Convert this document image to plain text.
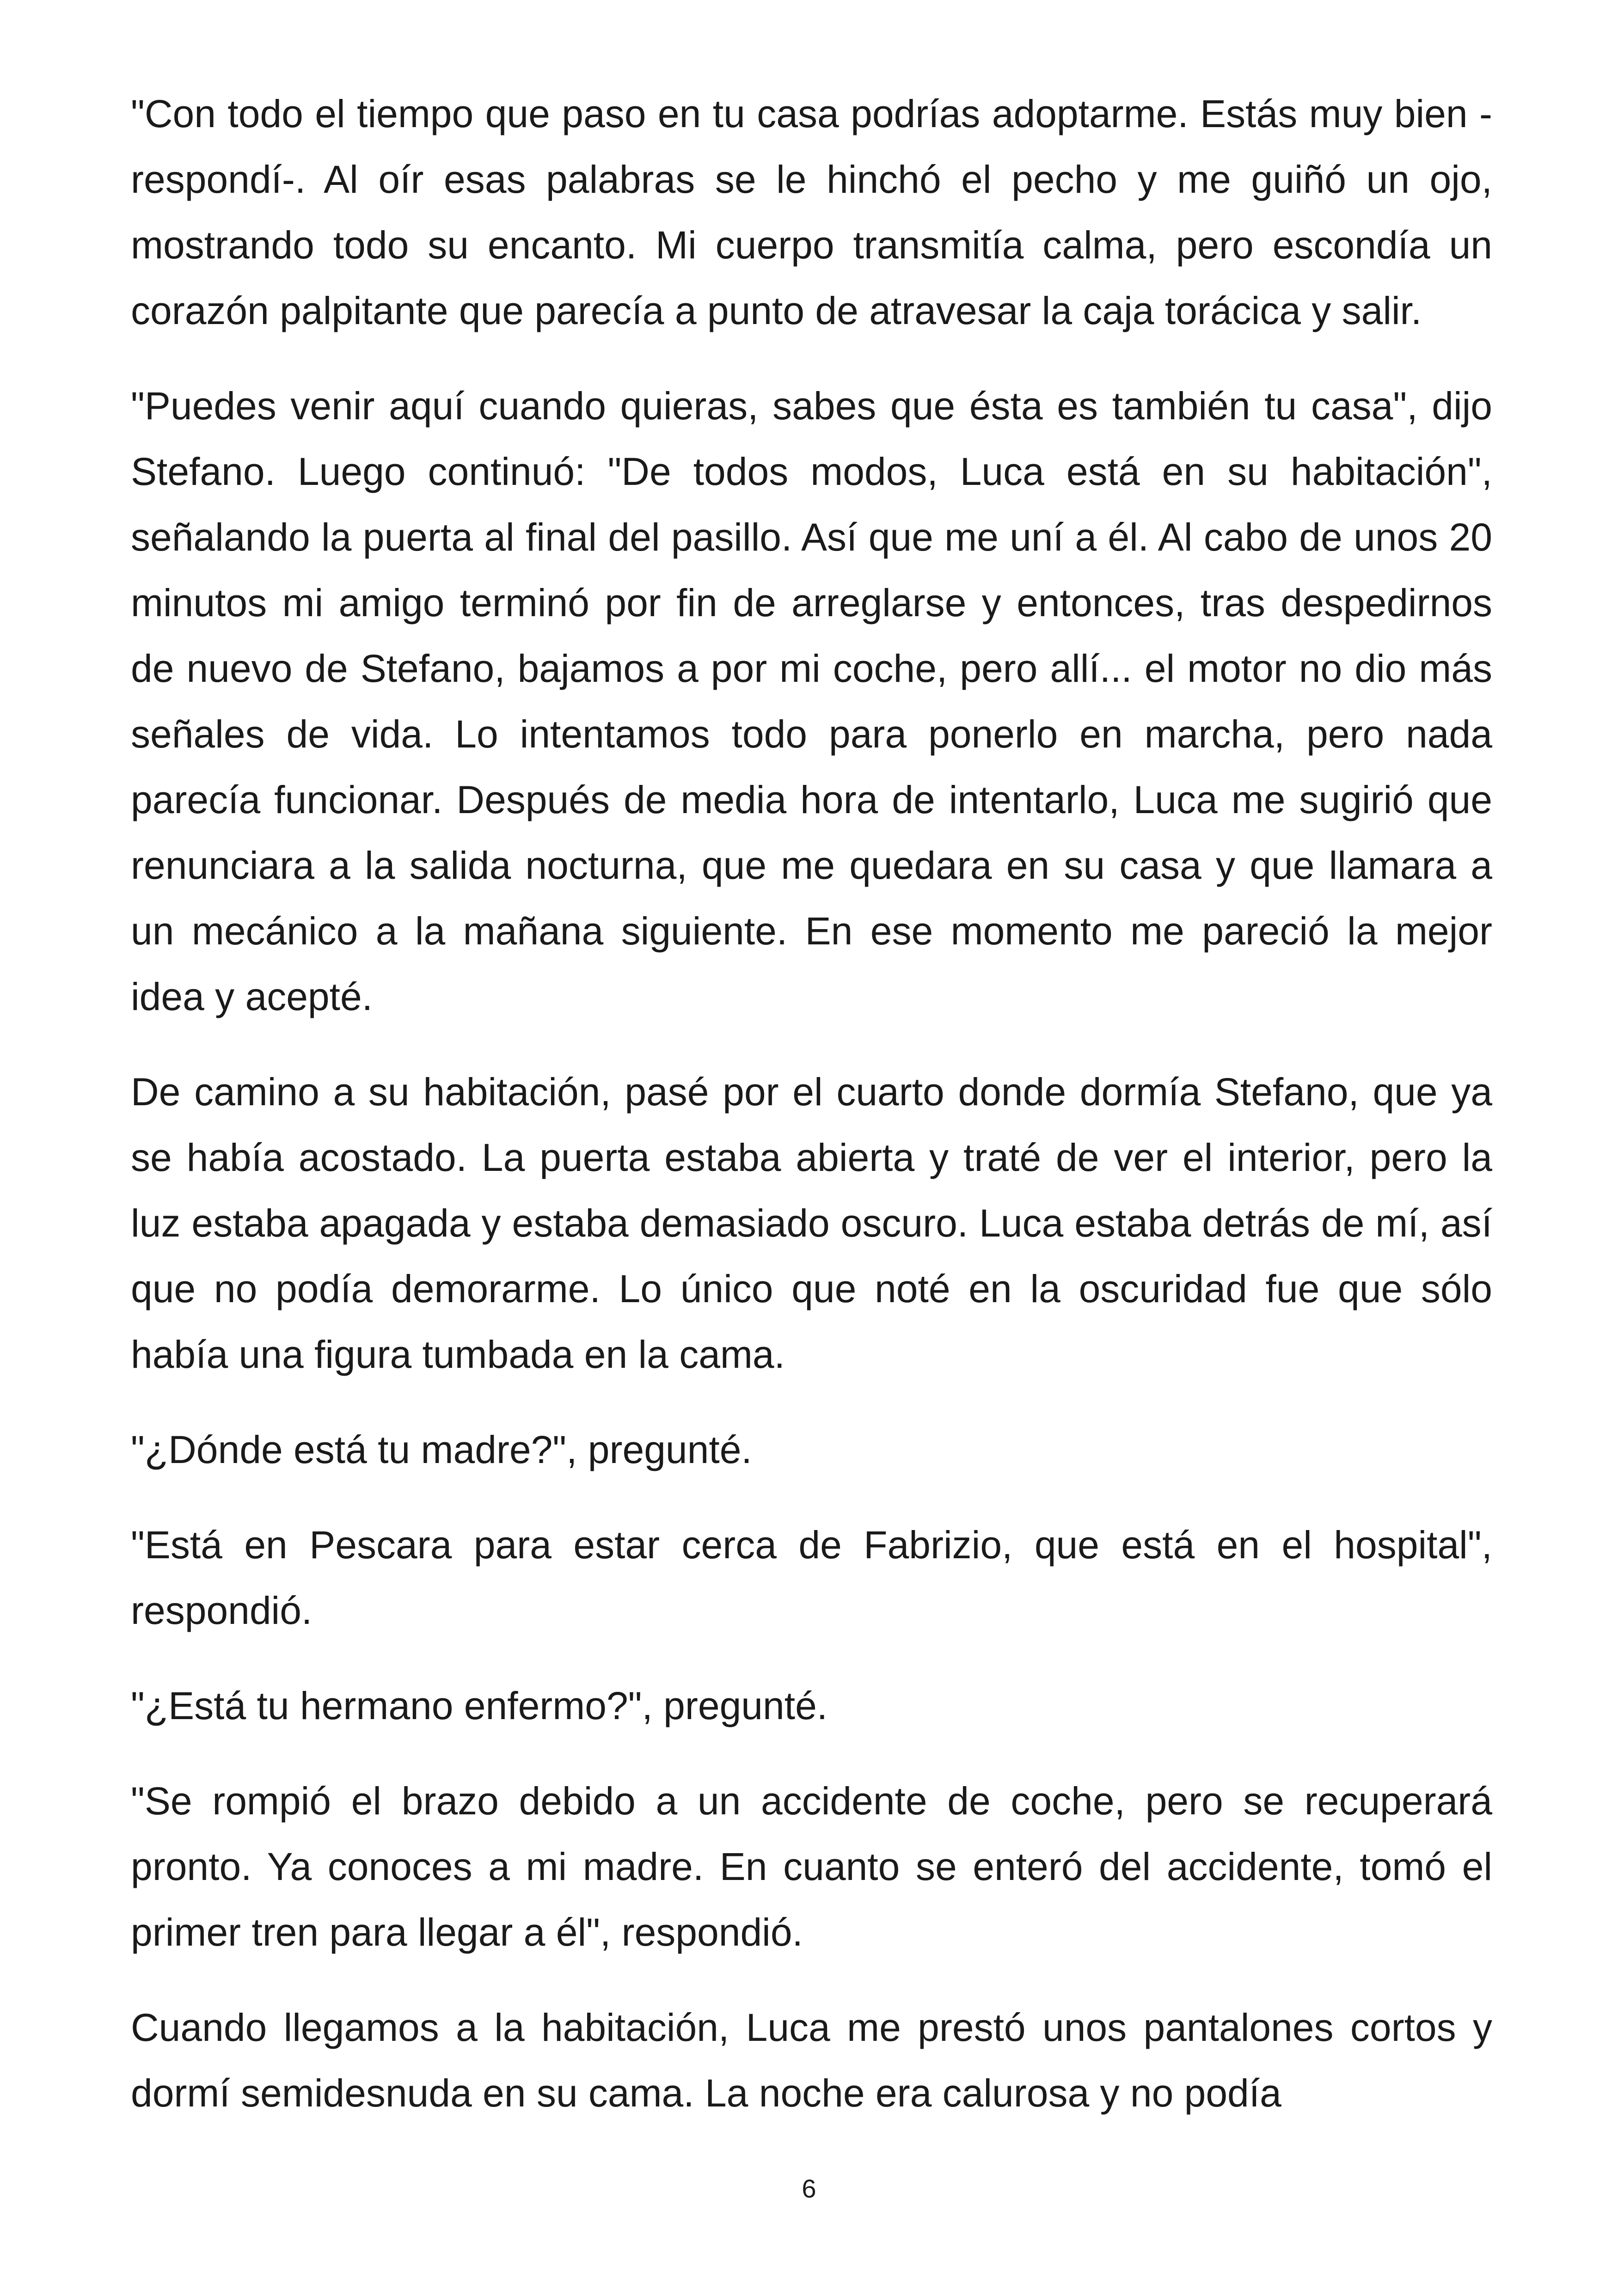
"Con todo el tiempo que paso en tu casa podrías adoptarme. Estás muy bien -respondí-. Al oír esas palabras se le hinchó el pecho y me guiñó un ojo, mostrando todo su encanto. Mi cuerpo transmitía calma, pero escondía un corazón palpitante que parecía a punto de atravesar la caja torácica y salir.

"Puedes venir aquí cuando quieras, sabes que ésta es también tu casa", dijo Stefano. Luego continuó: "De todos modos, Luca está en su habitación", señalando la puerta al final del pasillo. Así que me uní a él. Al cabo de unos 20 minutos mi amigo terminó por fin de arreglarse y entonces, tras despedirnos de nuevo de Stefano, bajamos a por mi coche, pero allí... el motor no dio más señales de vida. Lo intentamos todo para ponerlo en marcha, pero nada parecía funcionar. Después de media hora de intentarlo, Luca me sugirió que renunciara a la salida nocturna, que me quedara en su casa y que llamara a un mecánico a la mañana siguiente. En ese momento me pareció la mejor idea y acepté.

De camino a su habitación, pasé por el cuarto donde dormía Stefano, que ya se había acostado. La puerta estaba abierta y traté de ver el interior, pero la luz estaba apagada y estaba demasiado oscuro. Luca estaba detrás de mí, así que no podía demorarme. Lo único que noté en la oscuridad fue que sólo había una figura tumbada en la cama.

"¿Dónde está tu madre?", pregunté.

"Está en Pescara para estar cerca de Fabrizio, que está en el hospital", respondió.

"¿Está tu hermano enfermo?", pregunté.

"Se rompió el brazo debido a un accidente de coche, pero se recuperará pronto. Ya conoces a mi madre. En cuanto se enteró del accidente, tomó el primer tren para llegar a él", respondió.

Cuando llegamos a la habitación, Luca me prestó unos pantalones cortos y dormí semidesnuda en su cama. La noche era calurosa y no podía

6
